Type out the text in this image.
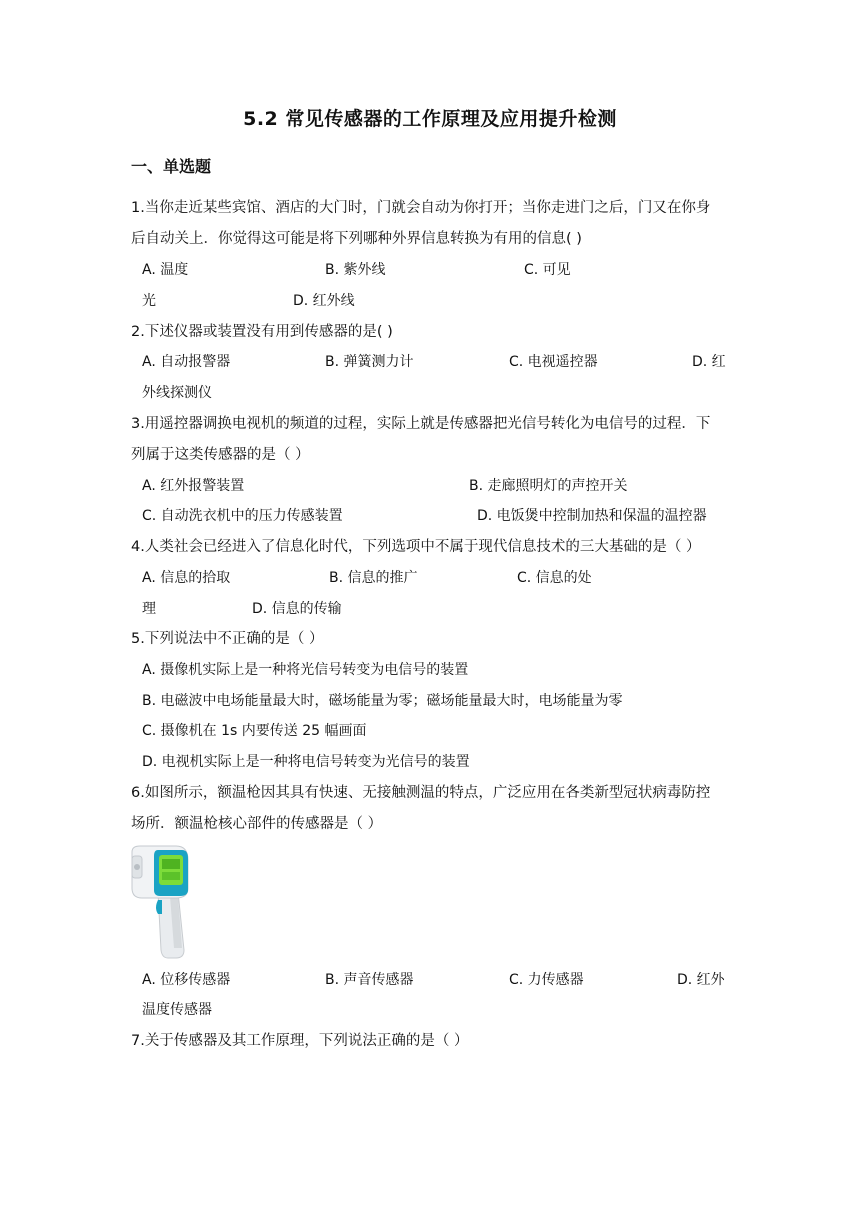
5.2 常见传感器的工作原理及应用提升检测
一、单选题
1.当你走近某些宾馆、酒店的大门时，门就会自动为你打开；当你走进门之后，门又在你身
后自动关上．你觉得这可能是将下列哪种外界信息转换为有用的信息( )
A. 温度	B. 紫外线	C. 可见
光	D. 红外线
2.下述仪器或装置没有用到传感器的是( )
A. 自动报警器	B. 弹簧测力计	C. 电视遥控器	D. 红
外线探测仪
3.用遥控器调换电视机的频道的过程，实际上就是传感器把光信号转化为电信号的过程．下
列属于这类传感器的是（ ）
A. 红外报警装置	B. 走廊照明灯的声控开关
C. 自动洗衣机中的压力传感装置	D. 电饭煲中控制加热和保温的温控器
4.人类社会已经进入了信息化时代，下列选项中不属于现代信息技术的三大基础的是（ ）
A. 信息的拾取	B. 信息的推广	C. 信息的处
理	D. 信息的传输
5.下列说法中不正确的是（ ）
A. 摄像机实际上是一种将光信号转变为电信号的装置
B. 电磁波中电场能量最大时，磁场能量为零；磁场能量最大时，电场能量为零
C. 摄像机在 1s 内要传送 25 幅画面
D. 电视机实际上是一种将电信号转变为光信号的装置
6.如图所示，额温枪因其具有快速、无接触测温的特点，广泛应用在各类新型冠状病毒防控
场所．额温枪核心部件的传感器是（ ）
A. 位移传感器	B. 声音传感器	C. 力传感器	D. 红外
温度传感器
7.关于传感器及其工作原理，下列说法正确的是（ ）
